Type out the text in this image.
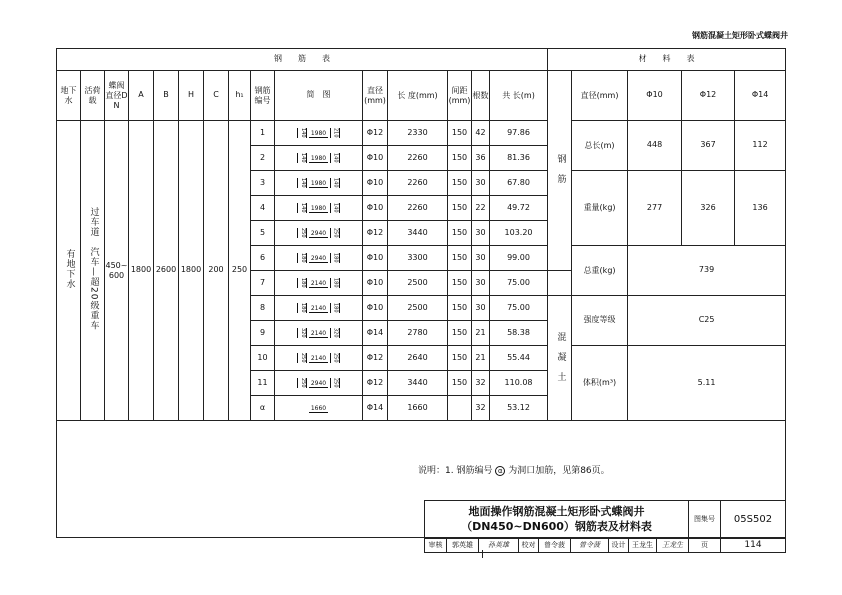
钢筋混凝土矩形卧式蝶阀井
钢　　筋　　表															材　　料　　表				
地下水	活荷载	蝶阀直径DN	A	B	H	C	h₁	钢筋编号	简　图	直径(mm)	长 度(mm)	间距(mm)	根数	共 长(m)	钢　筋	直径(mm)	Φ10	Φ12	Φ14
有地下水	过车道　汽车—超20级重车	450~600	1800	2600	1800	200	250	1	140 1980 210	Φ12	2330	150	42	97.86		总长(m)	448	367	112
								2	140 1980 140	Φ10	2260	150	36	81.36					
								3	140 1980 140	Φ10	2260	150	30	67.80		重量(kg)	277	326	136
								4	140 1980 140	Φ10	2260	150	22	49.72					
								5	250 2940 250	Φ12	3440	150	30	103.20					
								6	180 2940 180	Φ10	3300	150	30	99.00		总重(kg)	739		
								7	180 2140 180	Φ10	2500	150	30	75.00					
								8	180 2140 180	Φ10	2500	150	30	75.00	混　凝　土	强度等级	C25		
								9	320 2140 320	Φ14	2780	150	21	58.38					
								10	250 2140 250	Φ12	2640	150	21	55.44		体积(m³)	5.11		
								11	250 2940 250	Φ12	3440	150	32	110.08					
								α	1660	Φ14	1660		32	53.12					

说明：1. 钢筋编号 α 为洞口加筋，见第86页。
地面操作钢筋混凝土矩形卧式蝶阀井
（DN450~DN600）钢筋表及材料表									图集号	05S502

审核	郭英雄	孙英雄	校对	曾令菠	曾令菠	设计	王龙生	王龙生	页	114
